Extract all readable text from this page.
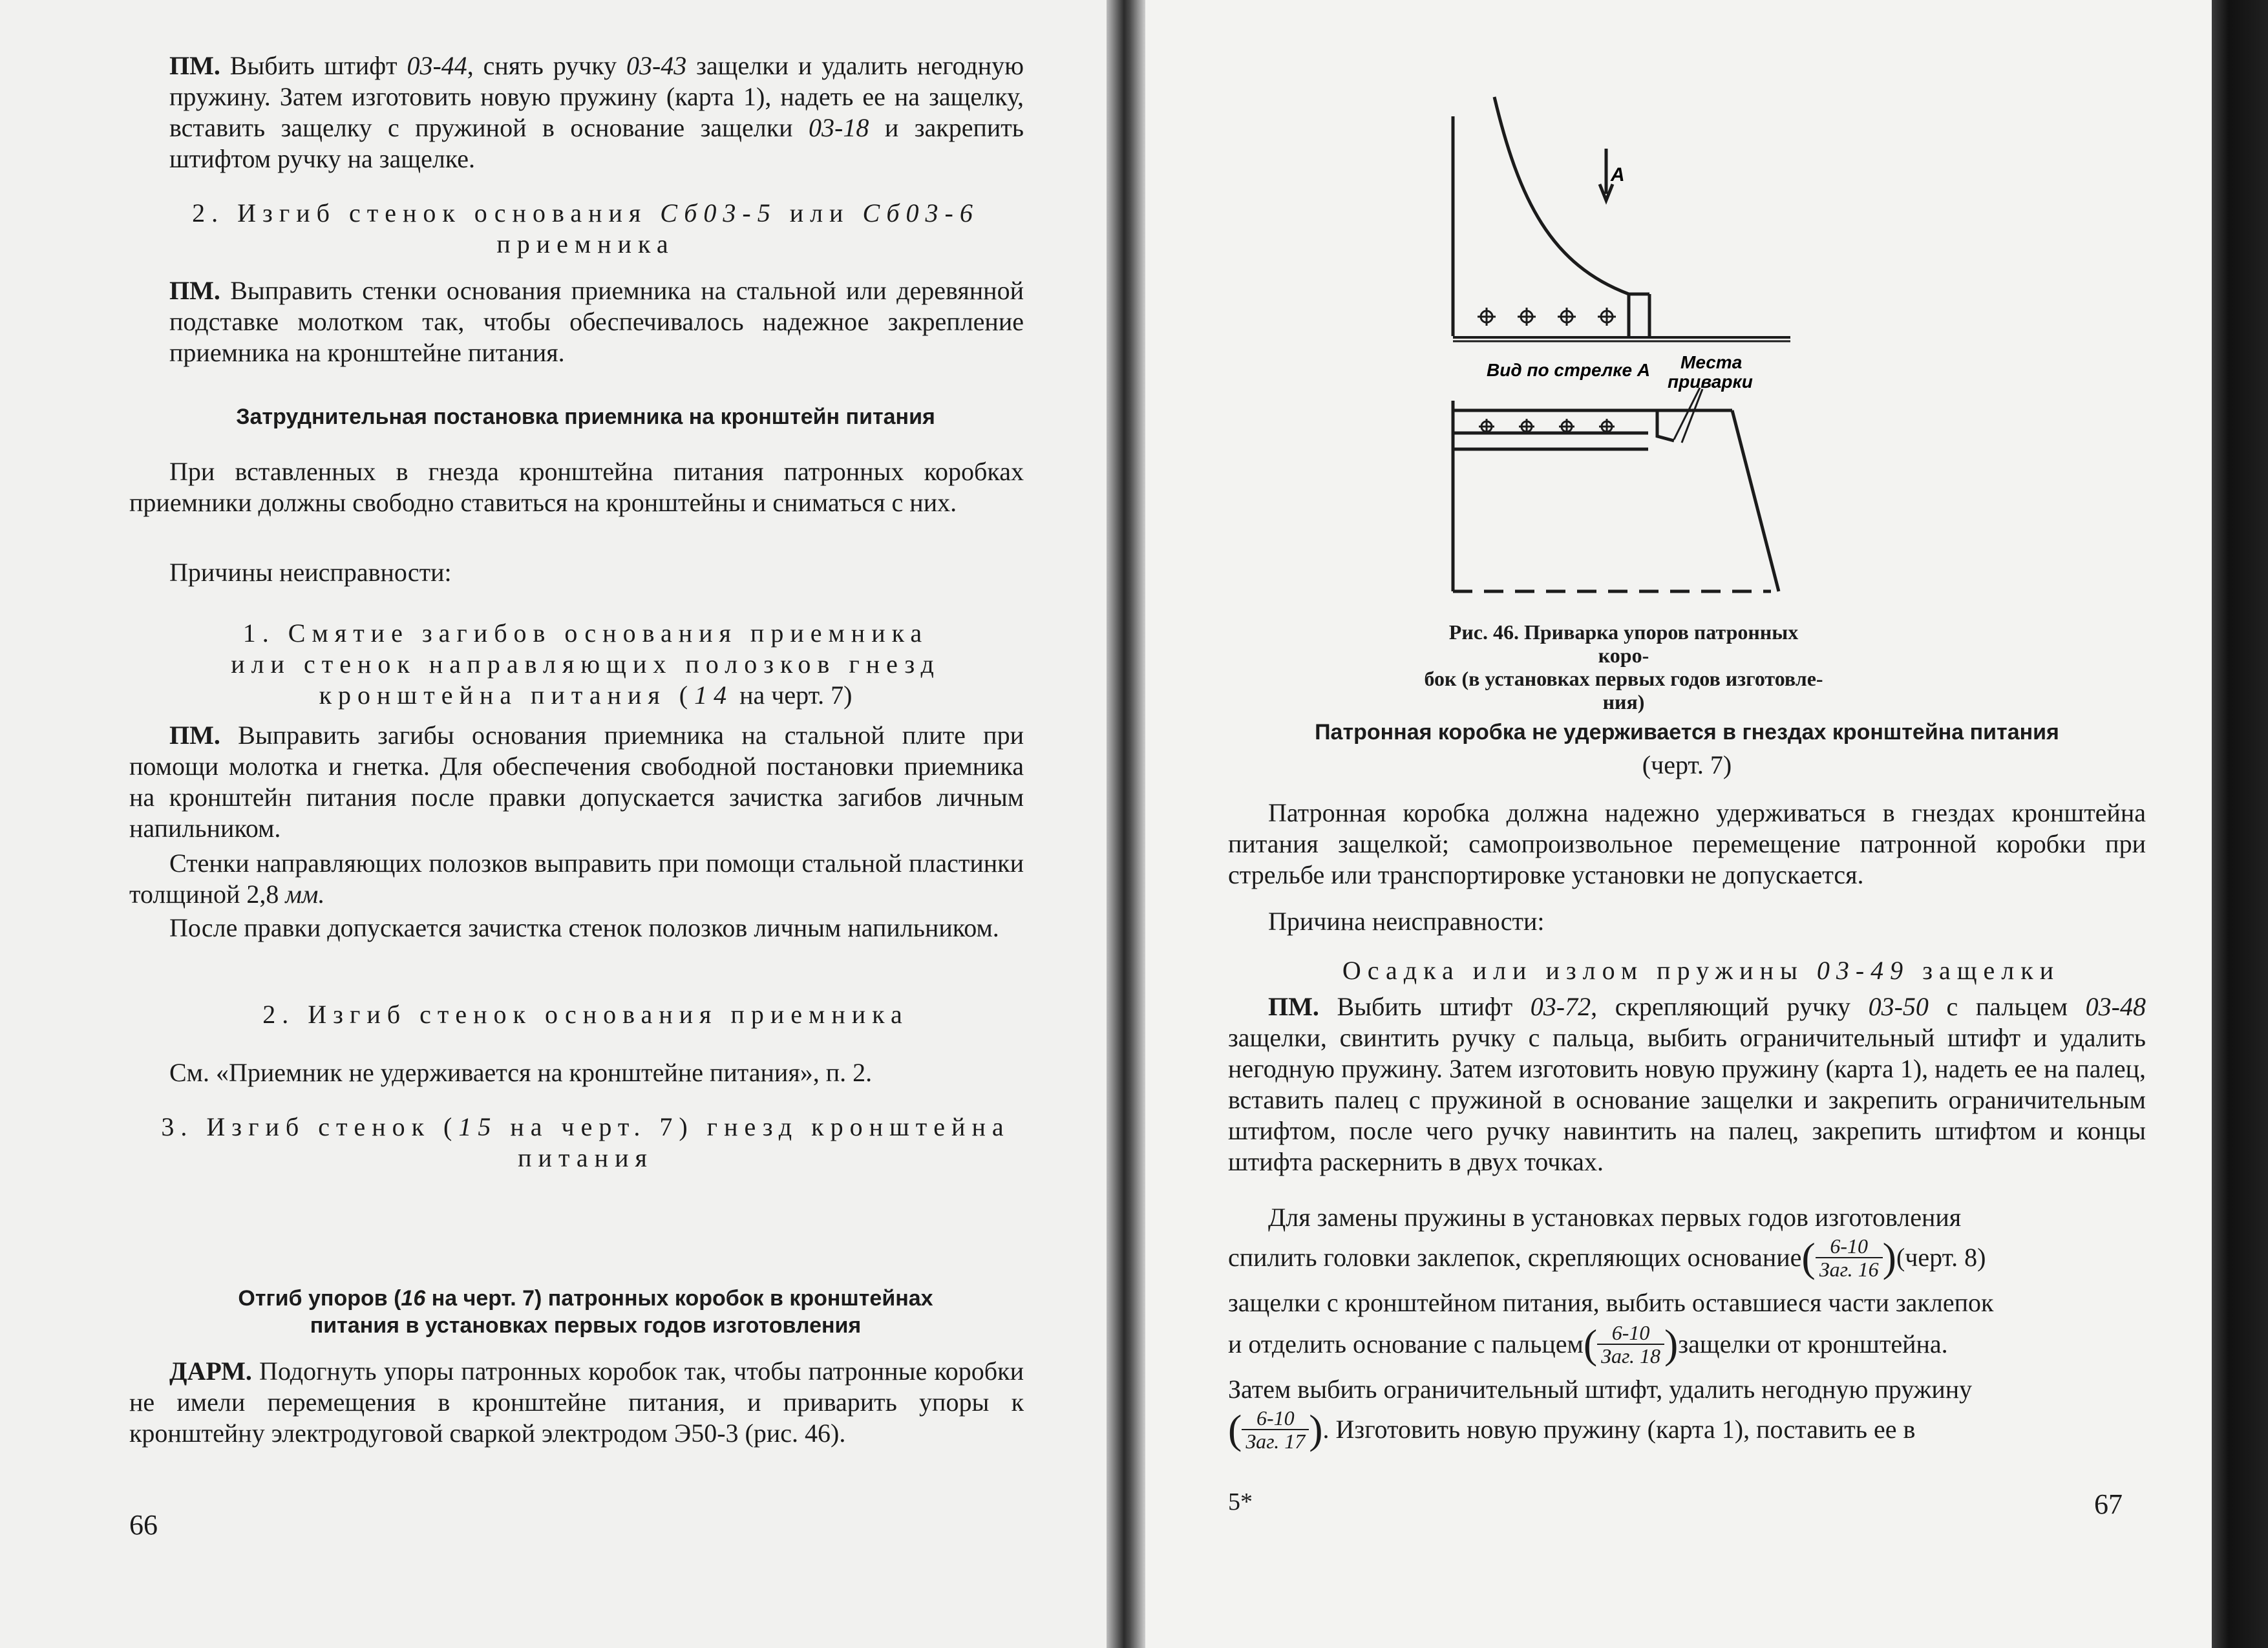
ПМ. Выбить штифт 03-44, снять ручку 03-43 защелки и удалить негодную пружину. Затем изготовить новую пружину (карта 1), надеть ее на защелку, вставить защелку с пружиной в основание защелки 03-18 и закрепить штифтом ручку на защелке.

2. Изгиб стенок основания Сб03-5 или Сб03-6
приемника

ПМ. Выправить стенки основания приемника на стальной или деревянной подставке молотком так, чтобы обеспечивалось надежное закрепление приемника на кронштейне питания.

Затруднительная постановка приемника на кронштейн питания

При вставленных в гнезда кронштейна питания патронных коробках приемники должны свободно ставиться на кронштейны и сниматься с них.

Причины неисправности:

1. Смятие загибов основания приемника
или стенок направляющих полозков гнезд
кронштейна питания (14 на черт. 7)

ПМ. Выправить загибы основания приемника на стальной плите при помощи молотка и гнетка. Для обеспечения свободной постановки приемника на кронштейн питания после правки допускается зачистка загибов личным напильником.

Стенки направляющих полозков выправить при помощи стальной пластинки толщиной 2,8 мм.

После правки допускается зачистка стенок полозков личным напильником.

2. Изгиб стенок основания приемника

См. «Приемник не удерживается на кронштейне питания», п. 2.

3. Изгиб стенок (15 на черт. 7) гнезд кронштейна
питания

Отгиб упоров (16 на черт. 7) патронных коробок в кронштейнах
питания в установках первых годов изготовления

ДАРМ. Подогнуть упоры патронных коробок так, чтобы патронные коробки не имели перемещения в кронштейне питания, и приварить упоры к кронштейну электродуговой сваркой электродом Э50-3 (рис. 46).

66
А
Вид по стрелке А Места
приварки
Рис. 46. Приварка упоров патронных коро-
бок (в установках первых годов изготовле-
ния)

Патронная коробка не удерживается в гнездах кронштейна питания

(черт. 7)

Патронная коробка должна надежно удерживаться в гнездах кронштейна питания защелкой; самопроизвольное перемещение патронной коробки при стрельбе или транспортировке установки не допускается.

Причина неисправности:

Осадка или излом пружины 03-49 защелки

ПМ. Выбить штифт 03-72, скрепляющий ручку 03-50 с пальцем 03-48 защелки, свинтить ручку с пальца, выбить ограничительный штифт и удалить негодную пружину. Затем изготовить новую пружину (карта 1), надеть ее на палец, вставить палец с пружиной в основание защелки и закрепить ограничительным штифтом, после чего ручку навинтить на палец, закрепить штифтом и концы штифта раскернить в двух точках.

Для замены пружины в установках первых годов изготовления

спилить головки заклепок, скрепляющих основание ( $\frac{6-10}{\text{Заг. 16}}$ ) (черт. 8)

защелки с кронштейном питания, выбить оставшиеся части заклепок

и отделить основание с пальцем ( $\frac{6-10}{\text{Заг. 18}}$ ) защелки от кронштейна.

Затем выбить ограничительный штифт, удалить негодную пружину

( $\frac{6-10}{\text{Заг. 17}}$ ) . Изготовить новую пружину (карта 1), поставить ее в
5*	67
